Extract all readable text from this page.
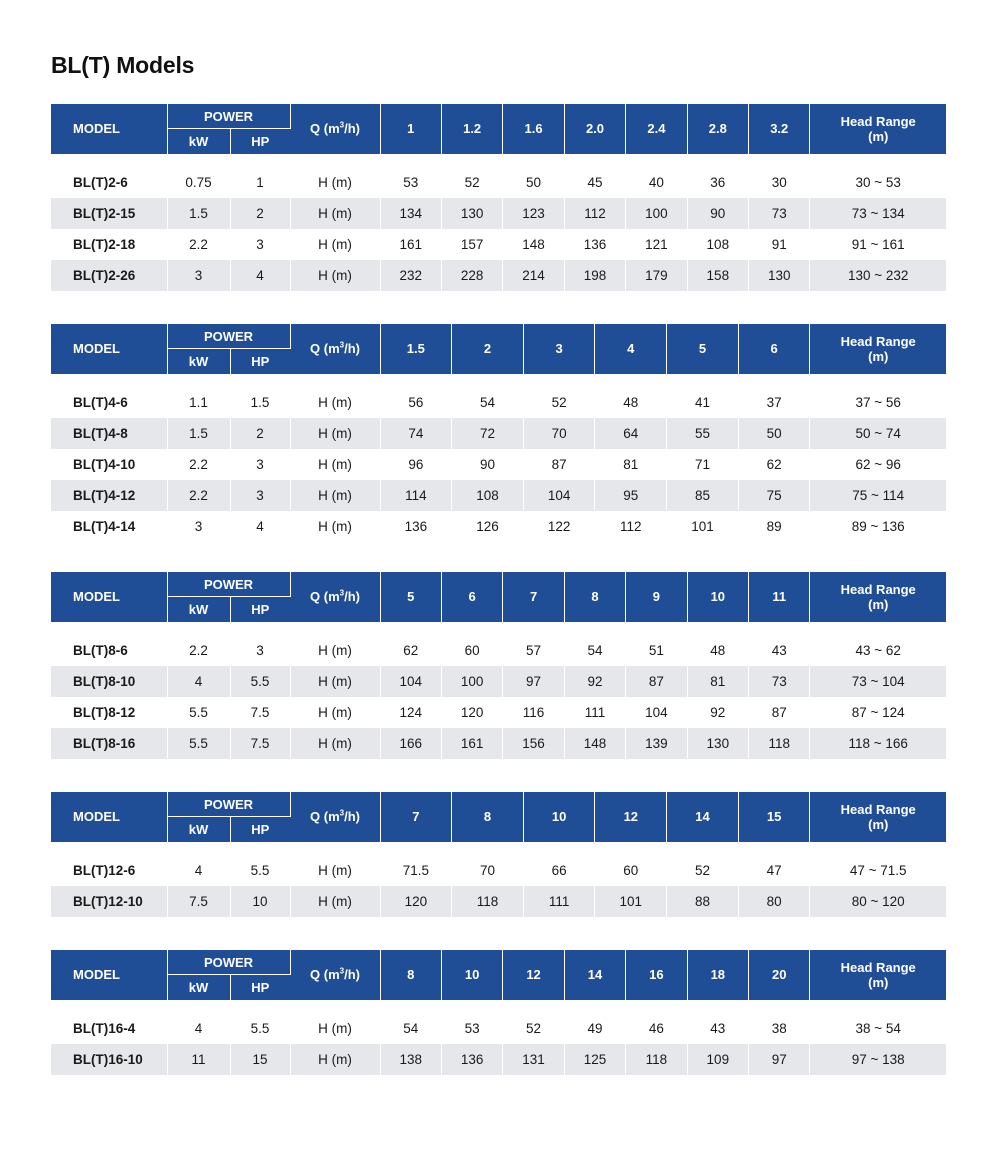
BL(T) Models
MODEL	POWER		Q $(m^3/h)$	1	1.2	1.6	2.0	2.4	2.8	3.2	Head Range
(m)

	kW	HP									

BL(T)2-6	0.75	1	H (m)	53	52	50	45	40	36	30	30 ~ 53
BL(T)2-15	1.5	2	H (m)	134	130	123	112	100	90	73	73 ~ 134
BL(T)2-18	2.2	3	H (m)	161	157	148	136	121	108	91	91 ~ 161
BL(T)2-26	3	4	H (m)	232	228	214	198	179	158	130	130 ~ 232
MODEL	POWER		Q $(m^3/h)$	1.5	2	3	4	5	6	Head Range
(m)

	kW	HP								

BL(T)4-6	1.1	1.5	H (m)	56	54	52	48	41	37	37 ~ 56
BL(T)4-8	1.5	2	H (m)	74	72	70	64	55	50	50 ~ 74
BL(T)4-10	2.2	3	H (m)	96	90	87	81	71	62	62 ~ 96
BL(T)4-12	2.2	3	H (m)	114	108	104	95	85	75	75 ~ 114
BL(T)4-14	3	4	H (m)	136	126	122	112	101	89	89 ~ 136
MODEL	POWER		Q $(m^3/h)$	5	6	7	8	9	10	11	Head Range
(m)

	kW	HP									

BL(T)8-6	2.2	3	H (m)	62	60	57	54	51	48	43	43 ~ 62
BL(T)8-10	4	5.5	H (m)	104	100	97	92	87	81	73	73 ~ 104
BL(T)8-12	5.5	7.5	H (m)	124	120	116	111	104	92	87	87 ~ 124
BL(T)8-16	5.5	7.5	H (m)	166	161	156	148	139	130	118	118 ~ 166
MODEL	POWER		Q $(m^3/h)$	7	8	10	12	14	15	Head Range
(m)

	kW	HP								

BL(T)12-6	4	5.5	H (m)	71.5	70	66	60	52	47	47 ~ 71.5
BL(T)12-10	7.5	10	H (m)	120	118	111	101	88	80	80 ~ 120
MODEL	POWER		Q $(m^3/h)$	8	10	12	14	16	18	20	Head Range
(m)

	kW	HP									

BL(T)16-4	4	5.5	H (m)	54	53	52	49	46	43	38	38 ~ 54
BL(T)16-10	11	15	H (m)	138	136	131	125	118	109	97	97 ~ 138
